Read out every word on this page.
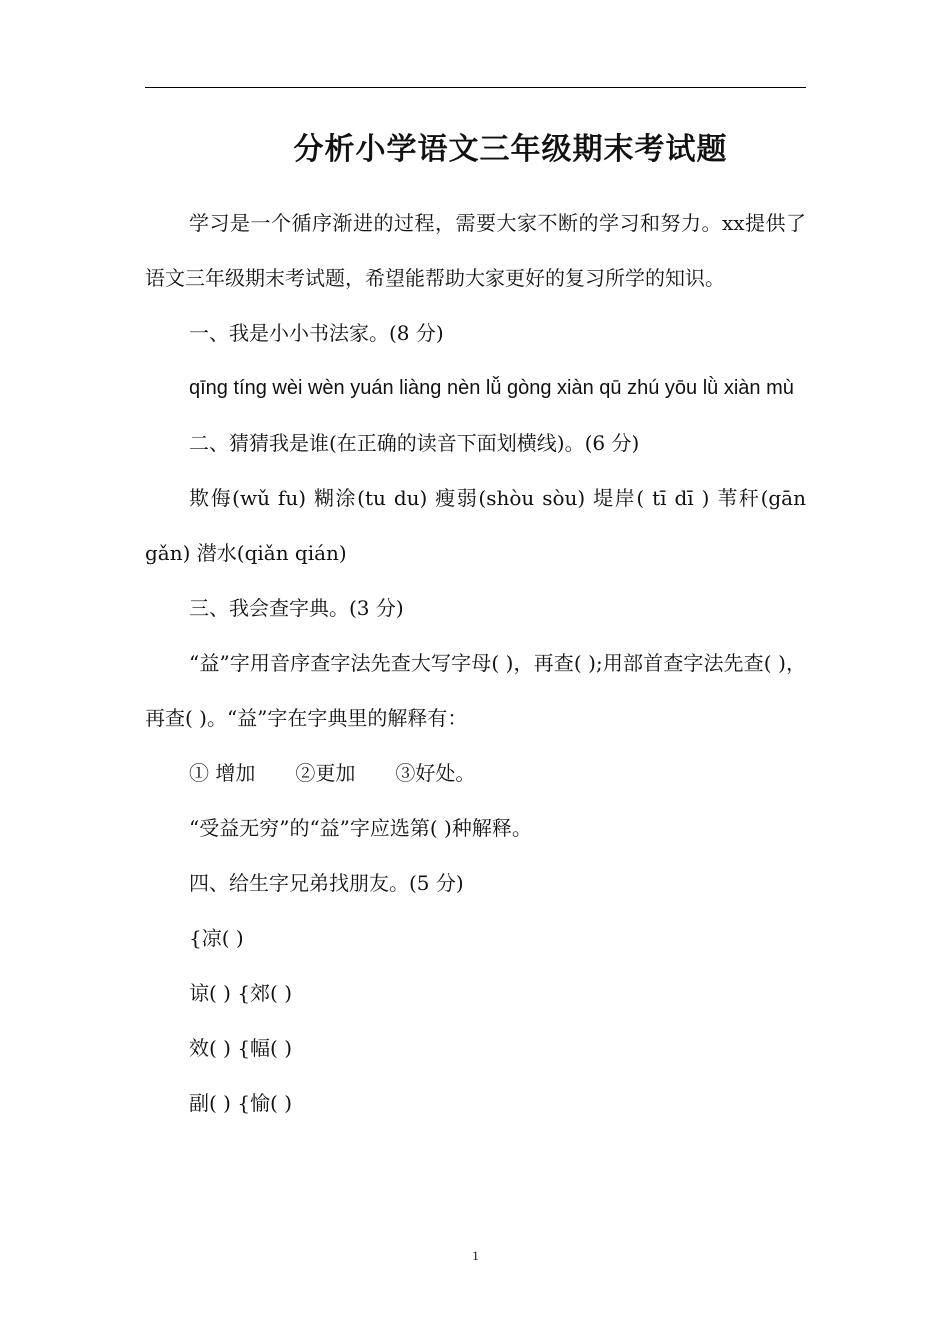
分析小学语文三年级期末考试题

学习是一个循序渐进的过程，需要大家不断的学习和努力。xx提供了语文三年级期末考试题，希望能帮助大家更好的复习所学的知识。

一、我是小小书法家。(8 分)

qīng tíng wèi wèn yuán liàng nèn lǚ gòng xiàn qū zhú yōu lǜ xiàn mù

二、猜猜我是谁(在正确的读音下面划横线)。(6 分)

欺侮(wǔ fu) 糊涂(tu du) 瘦弱(shòu sòu) 堤岸( tī dī ) 苇秆(gān gǎn) 潜水(qiǎn qián)

三、我会查字典。(3 分)

“益”字用音序查字法先查大写字母( )，再查( );用部首查字法先查( )，再查( )。“益”字在字典里的解释有：

① 增加　　②更加　　③好处。

“受益无穷”的“益”字应选第( )种解释。

四、给生字兄弟找朋友。(5 分)

{凉( )

谅( ) {郊( )

效( ) {幅( )

副( ) {愉( )

1
